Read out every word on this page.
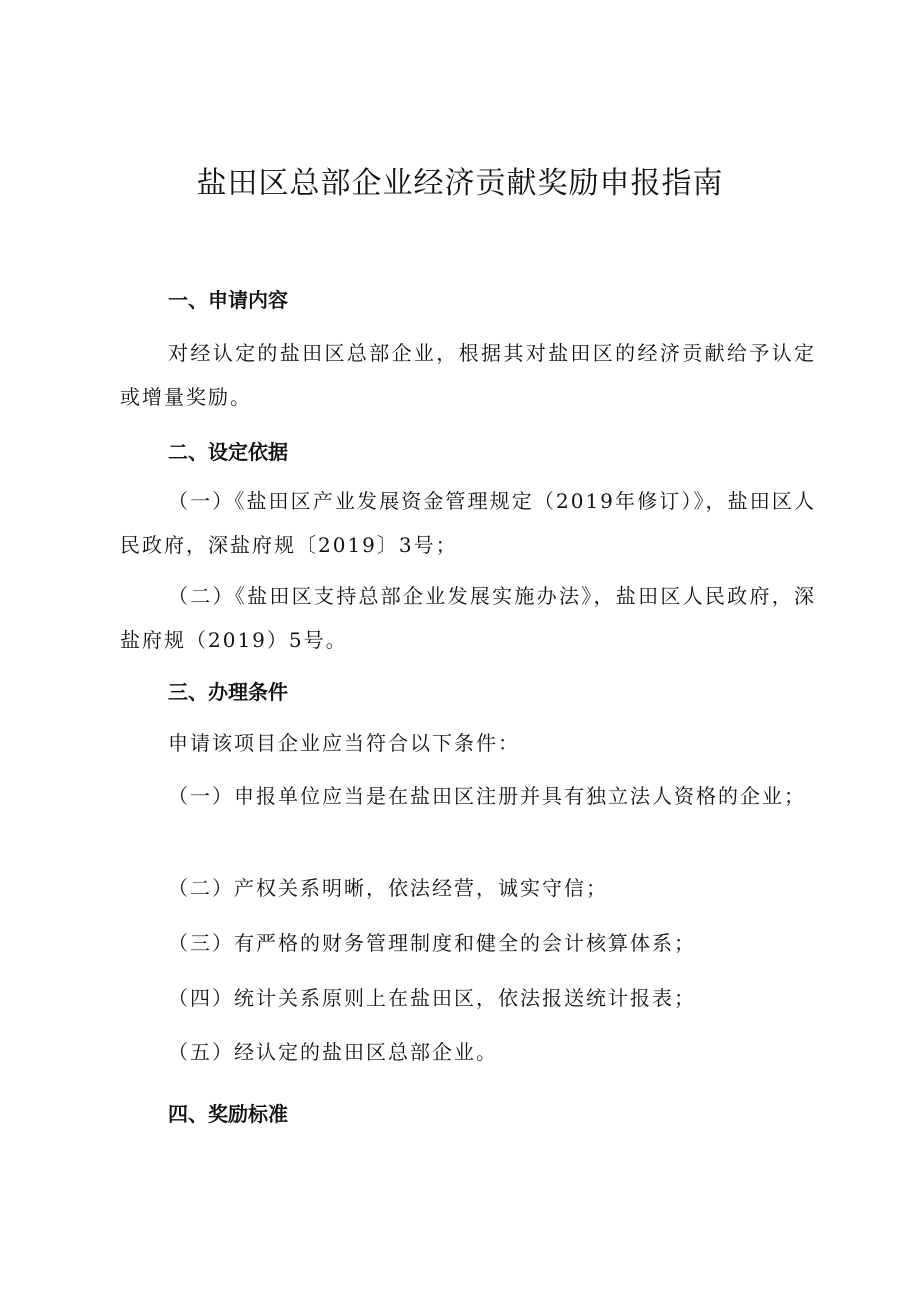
盐田区总部企业经济贡献奖励申报指南
一、申请内容

对经认定的盐田区总部企业，根据其对盐田区的经济贡献给予认定或增量奖励。

二、设定依据

（一）《盐田区产业发展资金管理规定（2019年修订）》，盐田区人民政府，深盐府规〔2019〕3号；

（二）《盐田区支持总部企业发展实施办法》，盐田区人民政府，深盐府规（2019）5号。

三、办理条件

申请该项目企业应当符合以下条件：

（一）申报单位应当是在盐田区注册并具有独立法人资格的企业；

（二）产权关系明晰，依法经营，诚实守信；

（三）有严格的财务管理制度和健全的会计核算体系；

（四）统计关系原则上在盐田区，依法报送统计报表；

（五）经认定的盐田区总部企业。

四、奖励标准
